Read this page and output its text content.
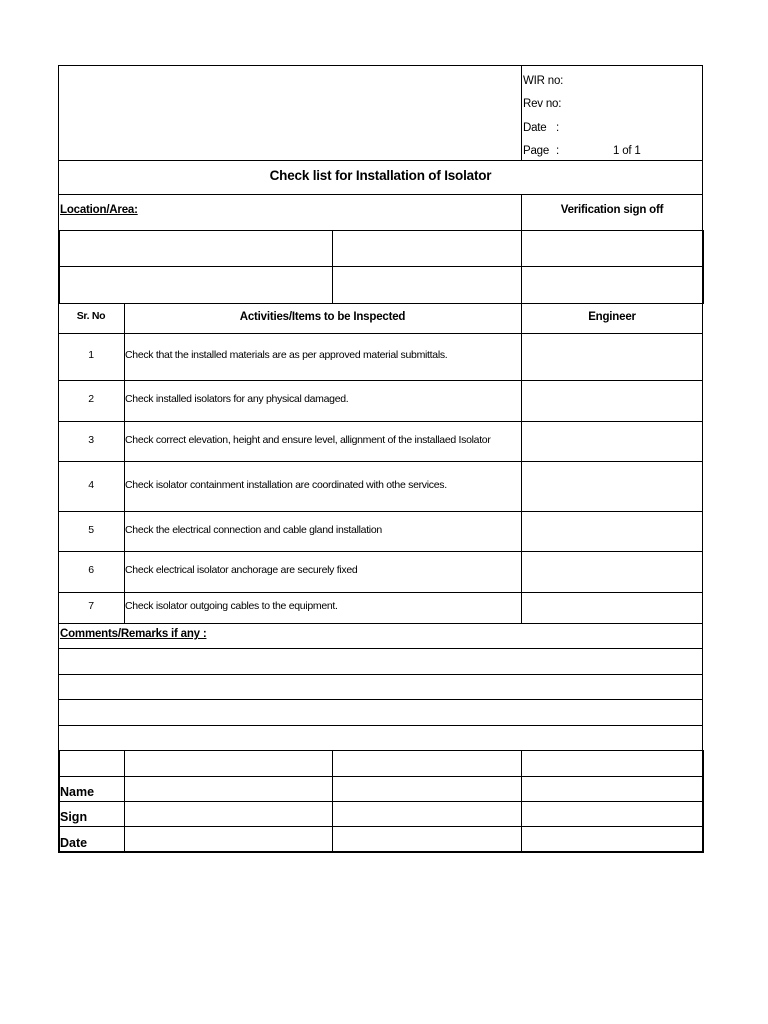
WIR no:
Rev no:
Date :
Page :	1 of 1
Check list for Installation of Isolator
Location/Area:	Verification sign off
Sr. No	Activities/Items to be Inspected	Engineer
1	Check that the installed materials are as per approved material submittals.
2	Check installed isolators for any physical damaged.
3	Check correct elevation, height and ensure level, allignment of the installaed Isolator
4	Check isolator containment installation are coordinated with othe services.
5	Check the electrical connection and cable gland installation
6	Check electrical isolator anchorage are securely fixed
7	Check isolator outgoing cables to the equipment.
Comments/Remarks if any :
Name
Sign
Date
